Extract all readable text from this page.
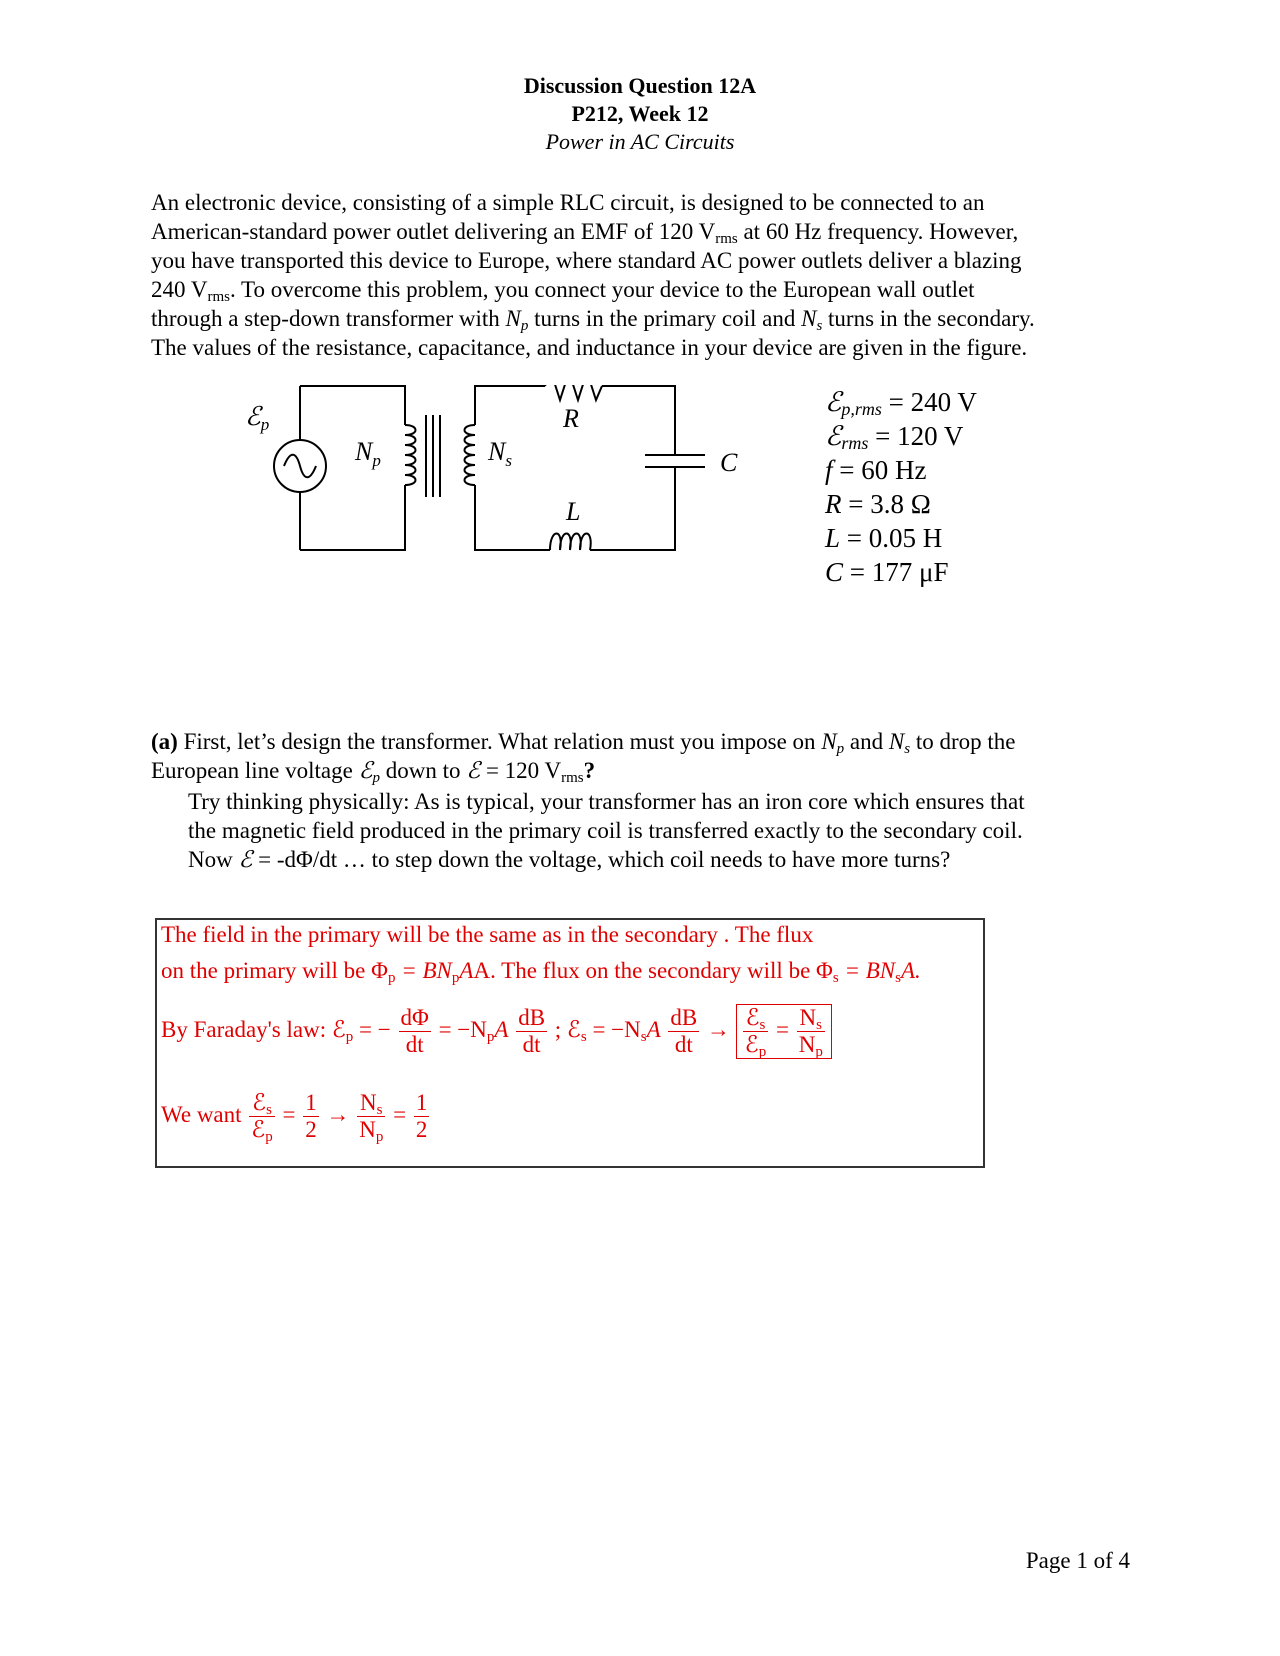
Discussion Question 12A
P212, Week 12
Power in AC Circuits
An electronic device, consisting of a simple RLC circuit, is designed to be connected to an
American-standard power outlet delivering an EMF of 120 $V_{rms}$ at 60 Hz frequency. However,
you have transported this device to Europe, where standard AC power outlets deliver a blazing
240 $V_{rms}$. To overcome this problem, you connect your device to the European wall outlet
through a step-down transformer with $N_p$ turns in the primary coil and $N_s$ turns in the secondary.
The values of the resistance, capacitance, and inductance in your device are given in the figure.
ℰp
$N_p$	$N_s$
R
L
C
ℰ$_{p,rms}$ = 240 V
ℰ$_{rms}$ = 120 V
f = 60 Hz
R = 3.8 Ω
L = 0.05 H
C = 177 μF
(a) First, let’s design the transformer. What relation must you impose on $N_p$ and $N_s$ to drop the
European line voltage ℰ$_p$ down to ℰ = 120 $V_{rms}$?
Try thinking physically: As is typical, your transformer has an iron core which ensures that
the magnetic field produced in the primary coil is transferred exactly to the secondary coil.
Now ℰ = -dΦ/dt … to step down the voltage, which coil needs to have more turns?
The field in the primary will be the same as in the secondary . The flux
on the primary will be $\Phi_p = BN_pAA$. The flux on the secondary will be $\Phi_s = BN_sA$.
By Faraday's law: ℰ$_p$ = − $\frac{d\Phi}{dt} = -N_pA \frac{dB}{dt}$ ; ℰ$_s$ = $-N_sA \frac{dB}{dt} \to \frac{ℰ_s}{ℰ_p} = \frac{N_s}{N_p}$
We want $\frac{ℰ_s}{ℰ_p} = \frac{1}{2} \to \frac{N_s}{N_p} = \frac{1}{2}$
Page 1 of 4
